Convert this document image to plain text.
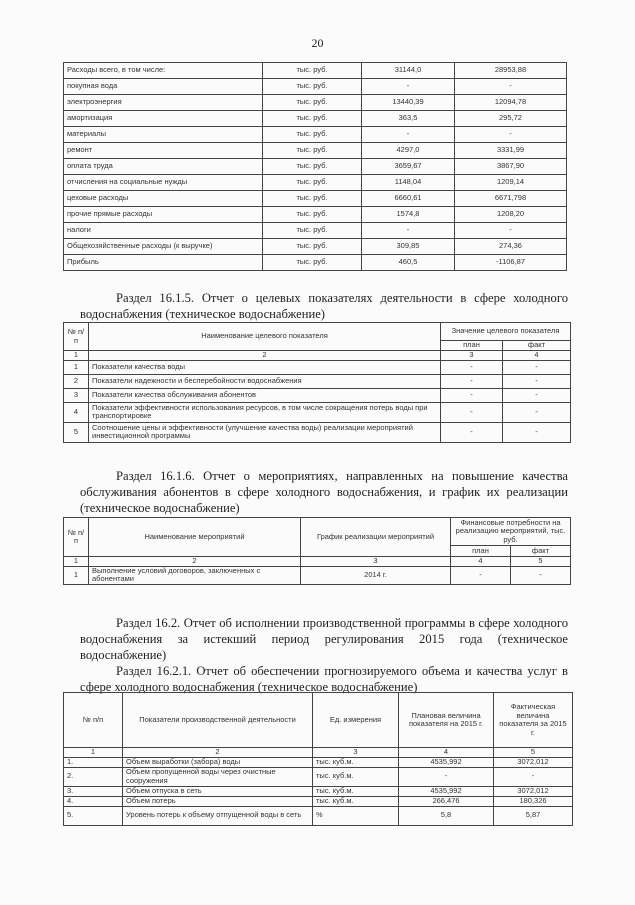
20
Расходы всего, в том числе:	тыс. руб.	31144,0	28953,88
покупная вода	тыс. руб.	-	-
электроэнергия	тыс. руб.	13440,39	12094,78
амортизация	тыс. руб.	363,5	295,72
материалы	тыс. руб.	-	-
ремонт	тыс. руб.	4297,0	3331,99
оплата труда	тыс. руб.	3659,67	3867,90
отчисления на социальные нужды	тыс. руб.	1148,04	1209,14
цеховые расходы	тыс. руб.	6660,61	6671,798
прочие прямые расходы	тыс. руб.	1574,8	1208,20
налоги	тыс. руб.	-	-
Общехозяйственные расходы (к выручке)	тыс. руб.	309,85	274,36
Прибыль	тыс. руб.	460,5	-1106,87
Раздел 16.1.5. Отчет о целевых показателях деятельности в сфере холодного водоснабжения (техническое водоснабжение)
№ п/п	Наименование целевого показателя	Значение целевого показателя	
		план	факт
1	2	3	4
1	Показатели качества воды	-	-
2	Показатели надежности и бесперебойности водоснабжения	-	-
3	Показатели качества обслуживания абонентов	-	-
4	Показатели эффективности использования ресурсов, в том числе сокращения потерь воды при транспортировке	-	-
5	Соотношение цены и эффективности (улучшение качества воды) реализации мероприятий инвестиционной программы	-	-
Раздел 16.1.6. Отчет о мероприятиях, направленных на повышение качества обслуживания абонентов в сфере холодного водоснабжения, и график их реализации (техническое водоснабжение)
№ п/п	Наименование мероприятий	График реализации мероприятий	Финансовые потребности на реализацию мероприятий, тыс. руб.	
			план	факт
1	2	3	4	5
1	Выполнение условий договоров, заключенных с абонентами	2014 г.	-	-
Раздел 16.2. Отчет об исполнении производственной программы в сфере холодного водоснабжения за истекший период регулирования 2015 года (техническое водоснабжение)
Раздел 16.2.1. Отчет об обеспечении прогнозируемого объема и качества услуг в сфере холодного водоснабжения (техническое водоснабжение)
№ п/п	Показатели производственной деятельности	Ед. измерения	Плановая величина показателя на 2015 г.	Фактическая величина показателя за 2015 г.
1	2	3	4	5
1.	Объем выработки (забора) воды	тыс. куб.м.	4535,992	3072,012
2.	Объем пропущенной воды через очистные сооружения	тыс. куб.м.	-	-
3.	Объем отпуска в сеть	тыс. куб.м.	4535,992	3072,012
4.	Объем потерь	тыс. куб.м.	266,476	180,326
5.	Уровень потерь к объему отпущенной воды в сеть	%	5,8	5,87
